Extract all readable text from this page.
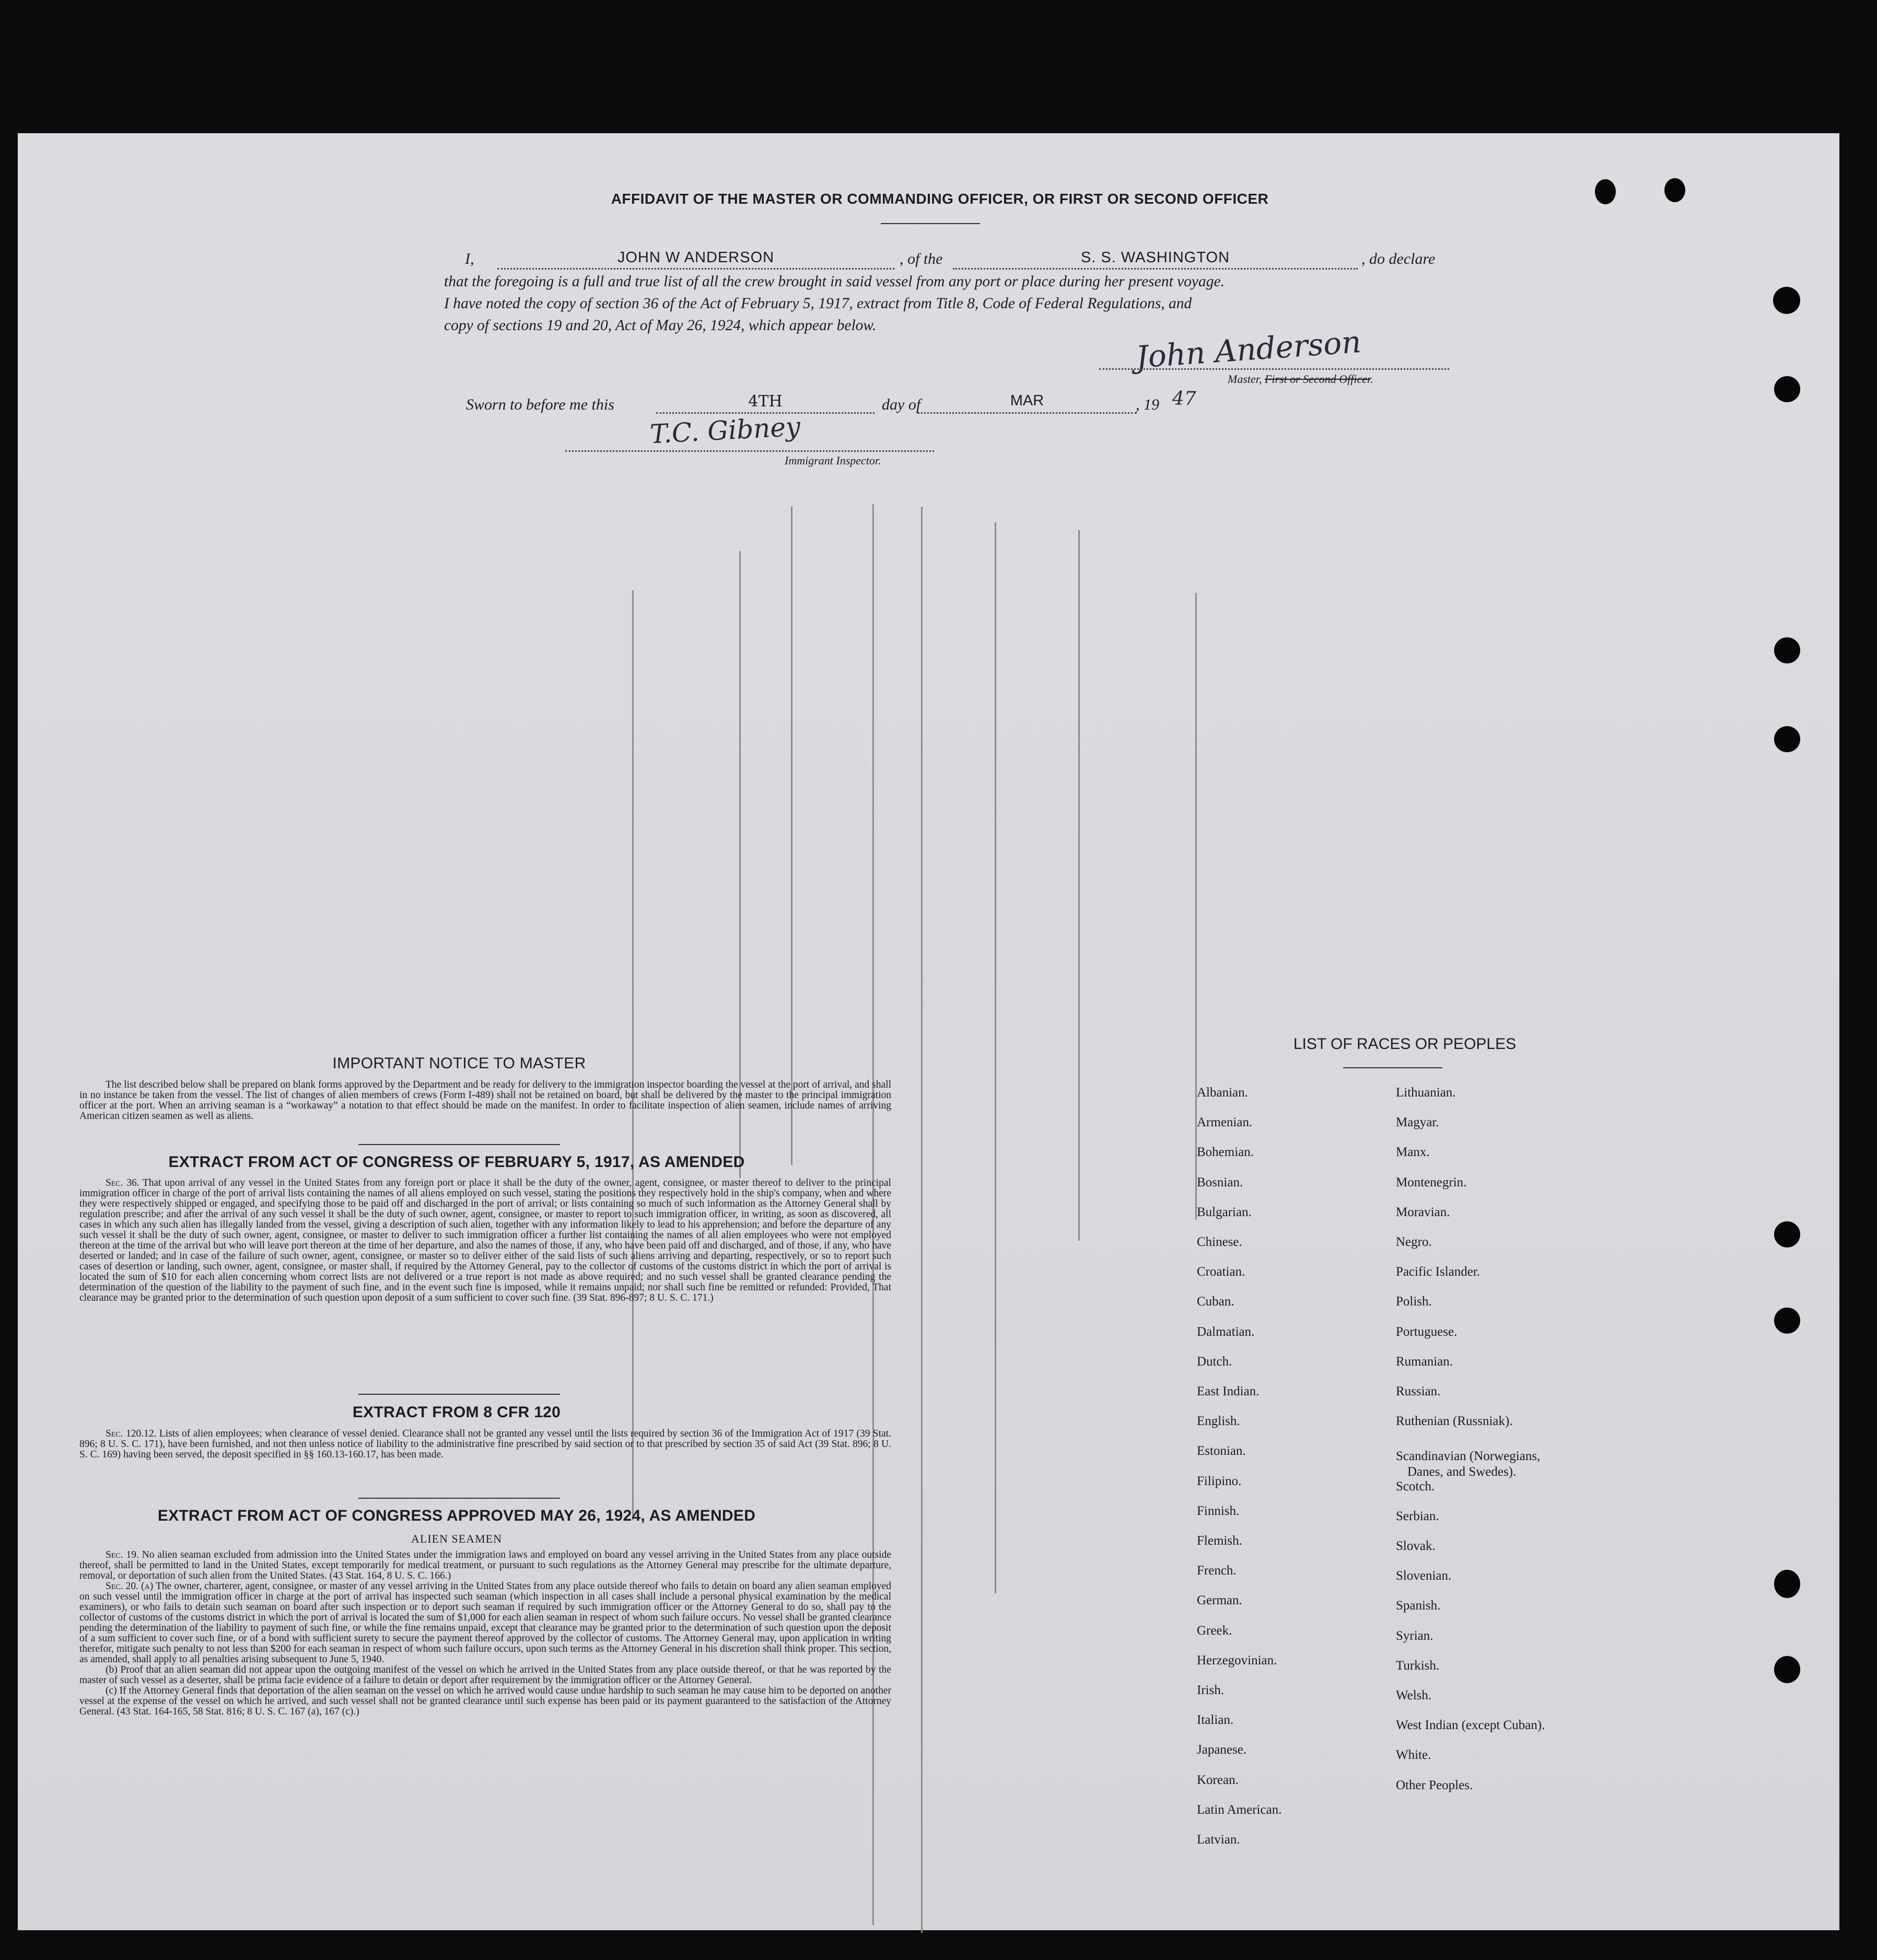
AFFIDAVIT OF THE MASTER OR COMMANDING OFFICER, OR FIRST OR SECOND OFFICER
I,	JOHN W ANDERSON	, of the	S. S. WASHINGTON	, do declare
that the foregoing is a full and true list of all the crew brought in said vessel from any port or place during her present voyage.
I have noted the copy of section 36 of the Act of February 5, 1917, extract from Title 8, Code of Federal Regulations, and
copy of sections 19 and 20, Act of May 26, 1924, which appear below.	John Anderson
Master, First or Second Officer.
Sworn to before me this	4TH	day of	MAR	, 19 47
T.C. Gibney
Immigrant Inspector.
IMPORTANT NOTICE TO MASTER

The list described below shall be prepared on blank forms approved by the Department and be ready for delivery to the immigration inspector boarding the vessel at the port of arrival, and shall in no instance be taken from the vessel. The list of changes of alien members of crews (Form I-489) shall not be retained on board, but shall be delivered by the master to the principal immigration officer at the port. When an arriving seaman is a “workaway” a notation to that effect should be made on the manifest. In order to facilitate inspection of alien seamen, include names of arriving American citizen seamen as well as aliens.

EXTRACT FROM ACT OF CONGRESS OF FEBRUARY 5, 1917, AS AMENDED

Sec. 36. That upon arrival of any vessel in the United States from any foreign port or place it shall be the duty of the owner, agent, consignee, or master thereof to deliver to the principal immigration officer in charge of the port of arrival lists containing the names of all aliens employed on such vessel, stating the positions they respectively hold in the ship's company, when and where they were respectively shipped or engaged, and specifying those to be paid off and discharged in the port of arrival; or lists containing so much of such information as the Attorney General shall by regulation prescribe; and after the arrival of any such vessel it shall be the duty of such owner, agent, consignee, or master to report to such immigration officer, in writing, as soon as discovered, all cases in which any such alien has illegally landed from the vessel, giving a description of such alien, together with any information likely to lead to his apprehension; and before the departure of any such vessel it shall be the duty of such owner, agent, consignee, or master to deliver to such immigration officer a further list containing the names of all alien employees who were not employed thereon at the time of the arrival but who will leave port thereon at the time of her departure, and also the names of those, if any, who have been paid off and discharged, and of those, if any, who have deserted or landed; and in case of the failure of such owner, agent, consignee, or master so to deliver either of the said lists of such aliens arriving and departing, respectively, or so to report such cases of desertion or landing, such owner, agent, consignee, or master shall, if required by the Attorney General, pay to the collector of customs of the customs district in which the port of arrival is located the sum of $10 for each alien concerning whom correct lists are not delivered or a true report is not made as above required; and no such vessel shall be granted clearance pending the determination of the question of the liability to the payment of such fine, and in the event such fine is imposed, while it remains unpaid; nor shall such fine be remitted or refunded: Provided, That clearance may be granted prior to the determination of such question upon deposit of a sum sufficient to cover such fine. (39 Stat. 896-897; 8 U. S. C. 171.)

EXTRACT FROM 8 CFR 120

Sec. 120.12. Lists of alien employees; when clearance of vessel denied. Clearance shall not be granted any vessel until the lists required by section 36 of the Immigration Act of 1917 (39 Stat. 896; 8 U. S. C. 171), have been furnished, and not then unless notice of liability to the administrative fine prescribed by said section or to that prescribed by section 35 of said Act (39 Stat. 896; 8 U. S. C. 169) having been served, the deposit specified in §§ 160.13-160.17, has been made.

EXTRACT FROM ACT OF CONGRESS APPROVED MAY 26, 1924, AS AMENDED
ALIEN SEAMEN

Sec. 19. No alien seaman excluded from admission into the United States under the immigration laws and employed on board any vessel arriving in the United States from any place outside thereof, shall be permitted to land in the United States, except temporarily for medical treatment, or pursuant to such regulations as the Attorney General may prescribe for the ultimate departure, removal, or deportation of such alien from the United States. (43 Stat. 164, 8 U. S. C. 166.)

Sec. 20. (a) The owner, charterer, agent, consignee, or master of any vessel arriving in the United States from any place outside thereof who fails to detain on board any alien seaman employed on such vessel until the immigration officer in charge at the port of arrival has inspected such seaman (which inspection in all cases shall include a personal physical examination by the medical examiners), or who fails to detain such seaman on board after such inspection or to deport such seaman if required by such immigration officer or the Attorney General to do so, shall pay to the collector of customs of the customs district in which the port of arrival is located the sum of $1,000 for each alien seaman in respect of whom such failure occurs. No vessel shall be granted clearance pending the determination of the liability to payment of such fine, or while the fine remains unpaid, except that clearance may be granted prior to the determination of such question upon the deposit of a sum sufficient to cover such fine, or of a bond with sufficient surety to secure the payment thereof approved by the collector of customs. The Attorney General may, upon application in writing therefor, mitigate such penalty to not less than $200 for each seaman in respect of whom such failure occurs, upon such terms as the Attorney General in his discretion shall think proper. This section, as amended, shall apply to all penalties arising subsequent to June 5, 1940.

(b) Proof that an alien seaman did not appear upon the outgoing manifest of the vessel on which he arrived in the United States from any place outside thereof, or that he was reported by the master of such vessel as a deserter, shall be prima facie evidence of a failure to detain or deport after requirement by the immigration officer or the Attorney General.

(c) If the Attorney General finds that deportation of the alien seaman on the vessel on which he arrived would cause undue hardship to such seaman he may cause him to be deported on another vessel at the expense of the vessel on which he arrived, and such vessel shall not be granted clearance until such expense has been paid or its payment guaranteed to the satisfaction of the Attorney General. (43 Stat. 164-165, 58 Stat. 816; 8 U. S. C. 167 (a), 167 (c).)

LIST OF RACES OR PEOPLES
Albanian.
Armenian.
Bohemian.
Bosnian.
Bulgarian.
Chinese.
Croatian.
Cuban.
Dalmatian.
Dutch.
East Indian.
English.
Estonian.
Filipino.
Finnish.
Flemish.
French.
German.
Greek.
Herzegovinian.
Irish.
Italian.
Japanese.
Korean.
Latin American.
Latvian.
Lithuanian.
Magyar.
Manx.
Montenegrin.
Moravian.
Negro.
Pacific Islander.
Polish.
Portuguese.
Rumanian.
Russian.
Ruthenian (Russniak).
Scandinavian (Norwegians,
Danes, and Swedes).
Scotch.
Serbian.
Slovak.
Slovenian.
Spanish.
Syrian.
Turkish.
Welsh.
West Indian (except Cuban).
White.
Other Peoples.
